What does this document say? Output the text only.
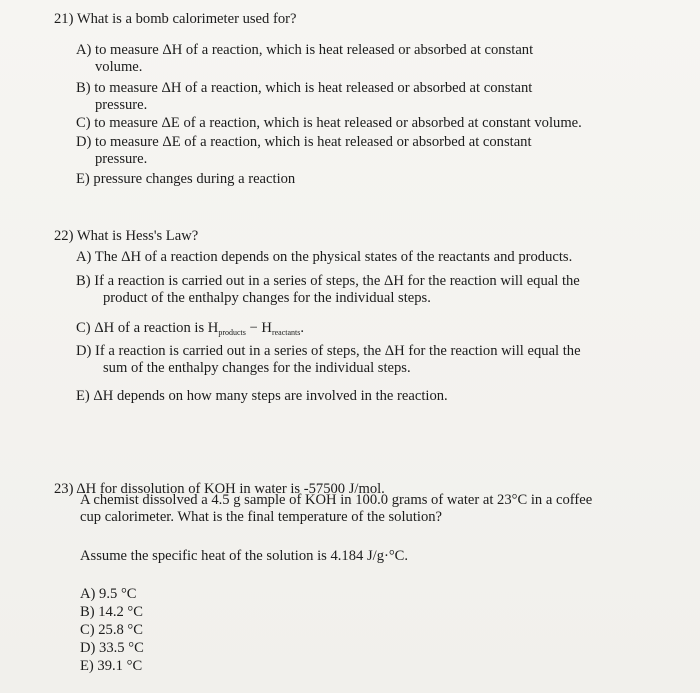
21) What is a bomb calorimeter used for?
A) to measure ΔH of a reaction, which is heat released or absorbed at constant
volume.
B) to measure ΔH of a reaction, which is heat released or absorbed at constant
pressure.
C) to measure ΔE of a reaction, which is heat released or absorbed at constant volume.
D) to measure ΔE of a reaction, which is heat released or absorbed at constant
pressure.
E) pressure changes during a reaction
22) What is Hess's Law?
A) The ΔH of a reaction depends on the physical states of the reactants and products.
B) If a reaction is carried out in a series of steps, the ΔH for the reaction will equal the
product of the enthalpy changes for the individual steps.
C) ΔH of a reaction is $H_{products} - H_{reactants}$.
D) If a reaction is carried out in a series of steps, the ΔH for the reaction will equal the
sum of the enthalpy changes for the individual steps.
E) ΔH depends on how many steps are involved in the reaction.
23) ΔH for dissolution of KOH in water is -57500 J/mol.
A chemist dissolved a 4.5 g sample of KOH in 100.0 grams of water at 23°C in a coffee
cup calorimeter. What is the final temperature of the solution?
Assume the specific heat of the solution is 4.184 J/g·°C.
A) 9.5 °C
B) 14.2 °C
C) 25.8 °C
D) 33.5 °C
E) 39.1 °C
